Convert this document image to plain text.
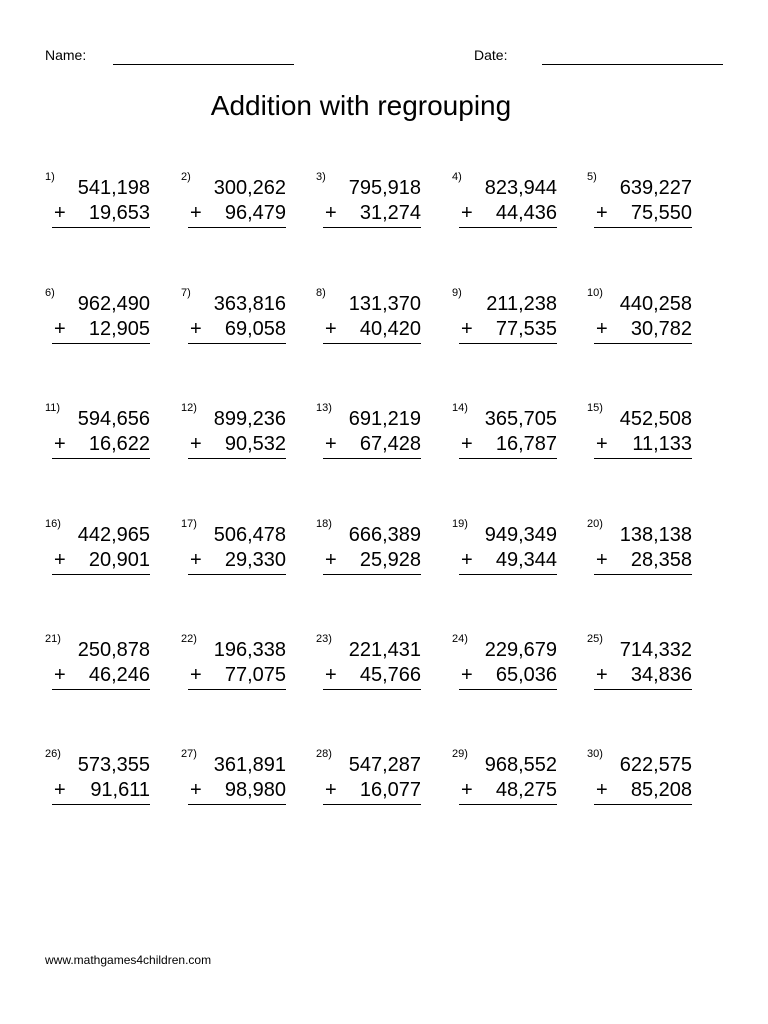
Name:	Date:
Addition with regrouping
1) 541,198
+ 19,653
2) 300,262
+ 96,479
3) 795,918
+ 31,274
4) 823,944
+ 44,436
5) 639,227
+ 75,550
6) 962,490
+ 12,905
7) 363,816
+ 69,058
8) 131,370
+ 40,420
9) 211,238
+ 77,535
10) 440,258
+ 30,782
11) 594,656
+ 16,622
12) 899,236
+ 90,532
13) 691,219
+ 67,428
14) 365,705
+ 16,787
15) 452,508
+ 11,133
16) 442,965
+ 20,901
17) 506,478
+ 29,330
18) 666,389
+ 25,928
19) 949,349
+ 49,344
20) 138,138
+ 28,358
21) 250,878
+ 46,246
22) 196,338
+ 77,075
23) 221,431
+ 45,766
24) 229,679
+ 65,036
25) 714,332
+ 34,836
26) 573,355
+ 91,611
27) 361,891
+ 98,980
28) 547,287
+ 16,077
29) 968,552
+ 48,275
30) 622,575
+ 85,208
www.mathgames4children.com
